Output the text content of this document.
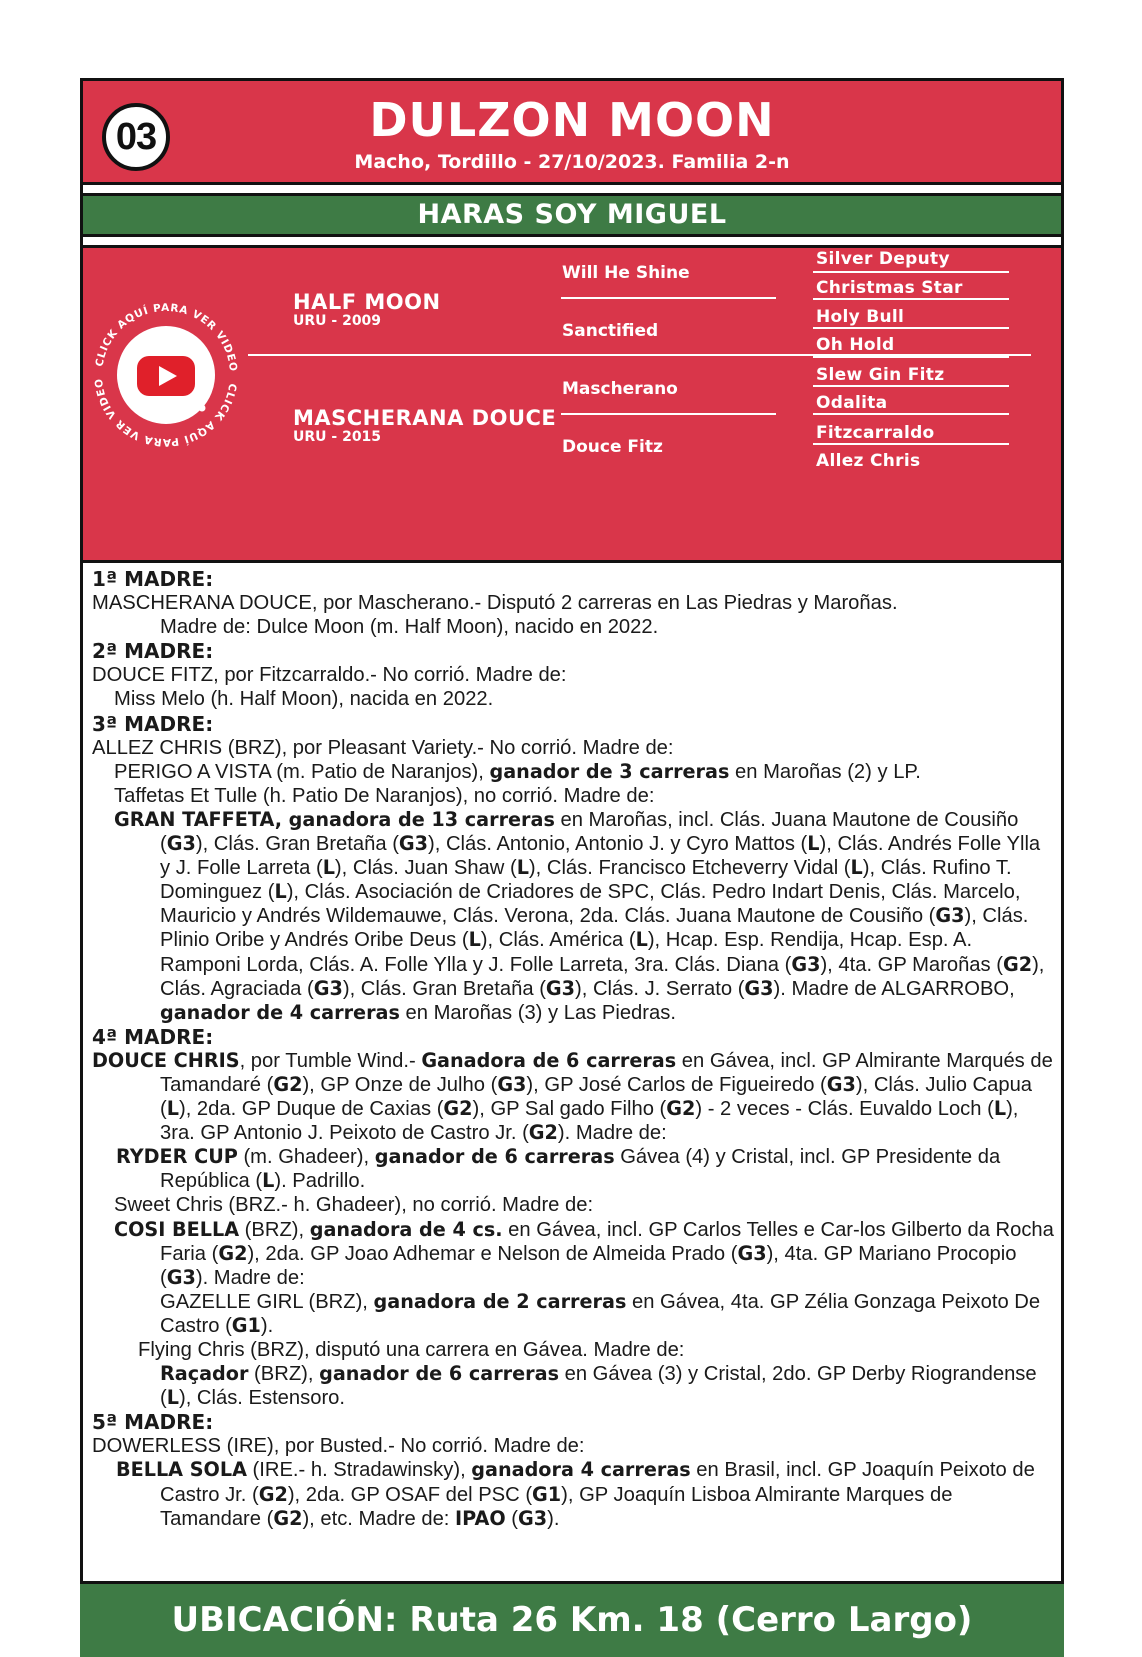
03	DULZON MOON
Macho, Tordillo - 27/10/2023. Familia 2-n
HARAS SOY MIGUEL
CLICK AQUÍ PARA VER VIDEO
CLICK AQUÍ PARA VER VIDEO
HALF MOON
URU - 2009
MASCHERANA DOUCE
URU - 2015
Will He Shine
Sanctified
Mascherano
Douce Fitz
Silver Deputy
Christmas Star
Holy Bull
Oh Hold
Slew Gin Fitz
Odalita
Fitzcarraldo
Allez Chris
1ª MADRE:

MASCHERANA DOUCE, por Mascherano.- Disputó 2 carreras en Las Piedras y Maroñas.

Madre de: Dulce Moon (m. Half Moon), nacido en 2022.

2ª MADRE:

DOUCE FITZ, por Fitzcarraldo.- No corrió. Madre de:

Miss Melo (h. Half Moon), nacida en 2022.

3ª MADRE:

ALLEZ CHRIS (BRZ), por Pleasant Variety.- No corrió. Madre de:

PERIGO A VISTA (m. Patio de Naranjos), ganador de 3 carreras en Maroñas (2) y LP.

Taffetas Et Tulle (h. Patio De Naranjos), no corrió. Madre de:

GRAN TAFFETA, ganadora de 13 carreras en Maroñas, incl. Clás. Juana Mautone de Cousiño (G3), Clás. Gran Bretaña (G3), Clás. Antonio, Antonio J. y Cyro Mattos (L), Clás. Andrés Folle Ylla y J. Folle Larreta (L), Clás. Juan Shaw (L), Clás. Francisco Etcheverry Vidal (L), Clás. Rufino T. Dominguez (L), Clás. Asociación de Criadores de SPC, Clás. Pedro Indart Denis, Clás. Marcelo, Mauricio y Andrés Wildemauwe, Clás. Verona, 2da. Clás. Juana Mautone de Cousiño (G3), Clás. Plinio Oribe y Andrés Oribe Deus (L), Clás. América (L), Hcap. Esp. Rendija, Hcap. Esp. A. Ramponi Lorda, Clás. A. Folle Ylla y J. Folle Larreta, 3ra. Clás. Diana (G3), 4ta. GP Maroñas (G2), Clás. Agraciada (G3), Clás. Gran Bretaña (G3), Clás. J. Serrato (G3). Madre de ALGARROBO, ganador de 4 carreras en Maroñas (3) y Las Piedras.

4ª MADRE:

DOUCE CHRIS, por Tumble Wind.- Ganadora de 6 carreras en Gávea, incl. GP Almirante Marqués de Tamandaré (G2), GP Onze de Julho (G3), GP José Carlos de Figueiredo (G3), Clás. Julio Capua (L), 2da. GP Duque de Caxias (G2), GP Sal gado Filho (G2) - 2 veces - Clás. Euvaldo Loch (L), 3ra. GP Antonio J. Peixoto de Castro Jr. (G2). Madre de:

RYDER CUP (m. Ghadeer), ganador de 6 carreras Gávea (4) y Cristal, incl. GP Presidente da República (L). Padrillo.

Sweet Chris (BRZ.- h. Ghadeer), no corrió. Madre de:

COSI BELLA (BRZ), ganadora de 4 cs. en Gávea, incl. GP Carlos Telles e Car-los Gilberto da Rocha Faria (G2), 2da. GP Joao Adhemar e Nelson de Almeida Prado (G3), 4ta. GP Mariano Procopio (G3). Madre de:

GAZELLE GIRL (BRZ), ganadora de 2 carreras en Gávea, 4ta. GP Zélia Gonzaga Peixoto De Castro (G1).

Flying Chris (BRZ), disputó una carrera en Gávea. Madre de:

Raçador (BRZ), ganador de 6 carreras en Gávea (3) y Cristal, 2do. GP Derby Riograndense (L), Clás. Estensoro.

5ª MADRE:

DOWERLESS (IRE), por Busted.- No corrió. Madre de:

BELLA SOLA (IRE.- h. Stradawinsky), ganadora 4 carreras en Brasil, incl. GP Joaquín Peixoto de Castro Jr. (G2), 2da. GP OSAF del PSC (G1), GP Joaquín Lisboa Almirante Marques de Tamandare (G2), etc. Madre de: IPAO (G3).

UBICACIÓN: Ruta 26 Km. 18 (Cerro Largo)
